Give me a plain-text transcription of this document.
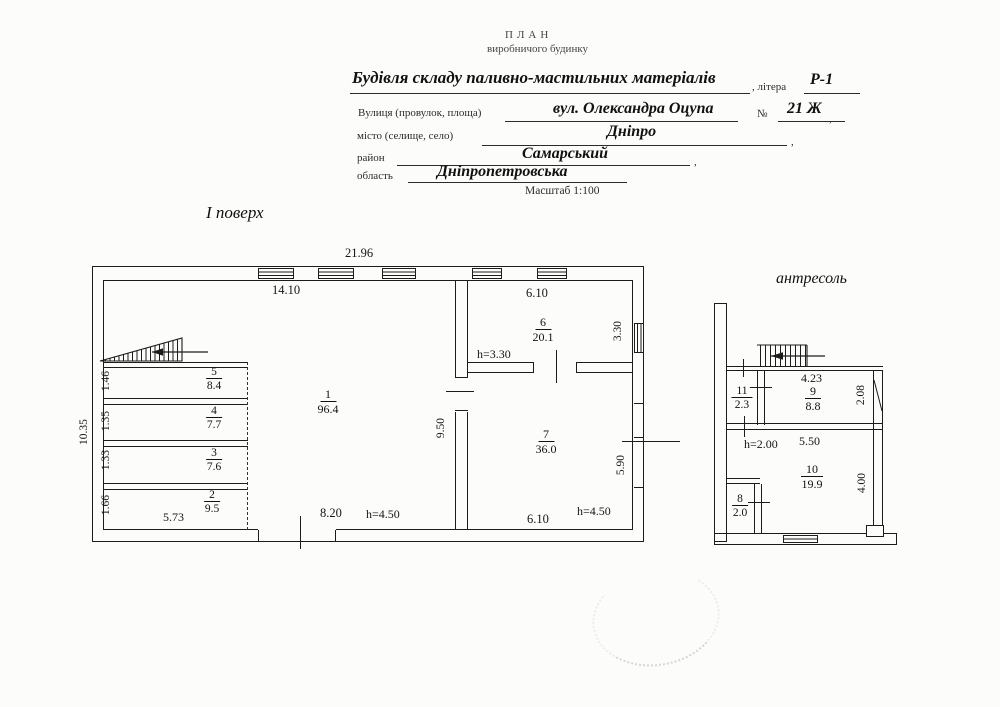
ПЛАН
виробничого будинку
Будівля складу паливно-мастильних матеріалів	, літера Р-1
Вулиця (провулок, площа)	вул. Олександра Оцупа	№ 21 Ж
,
місто (селище, село)	Дніпро
,
район	Самарський	,
область	Дніпропетровська
Масштаб 1:100
І поверх
21.96
14.10	6.10
10.35
1.46
1.35
1.33
1.66
5.73	8.20 h=4.50	6.10
h=4.50
9.50
h=3.30
3.30
5.90
1
96.4
2
9.5
3
7.6
4
7.7
5
8.4
6
20.1
7
36.0
антресоль
4.23
2.08
h=2.00 5.50
4.00
8
2.0
9
8.8
10
19.9
11
2.3
